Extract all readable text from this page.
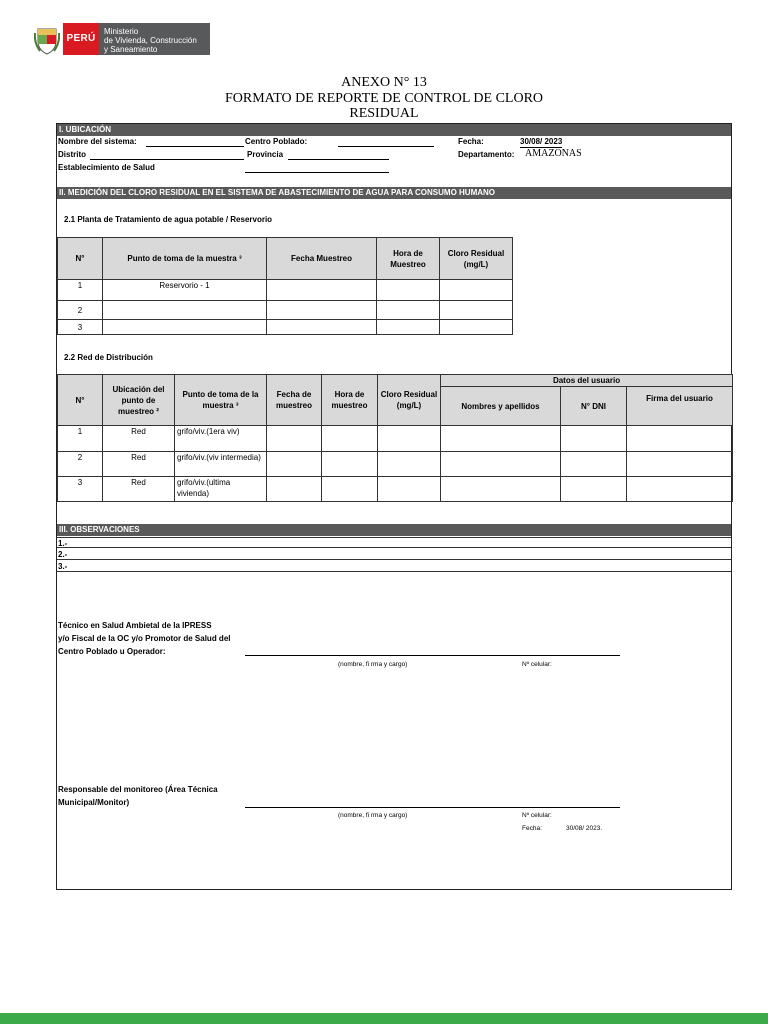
PERÚ
Ministerio
de Vivienda, Construcción
y Saneamiento
ANEXO N° 13
FORMATO DE REPORTE DE CONTROL DE CLORO
RESIDUAL
I. UBICACIÓN
Nombre del sistema:	Centro Poblado:	Fecha:	30/08/ 2023
Distrito	Provincia	Departamento: AMAZONAS
Establecimiento de Salud
II. MEDICIÓN DEL CLORO RESIDUAL EN EL SISTEMA DE ABASTECIMIENTO DE AGUA PARA CONSUMO HUMANO
2.1 Planta de Tratamiento de agua potable / Reservorio
N°	Punto de toma de la muestra ³	Fecha Muestreo	Hora de Muestreo	Cloro Residual (mg/L)
1	Reservorio - 1			
2				
3				
2.2 Red de Distribución
N°	Ubicación del punto de muestreo ²	Punto de toma de la muestra ³	Fecha de muestreo	Hora de muestreo	Cloro Residual (mg/L)	Datos del usuario		
						Nombres y apellidos	N° DNI	Firma del usuario
1	Red	grifo/viv.(1era viv)						
2	Red	grifo/viv.(viv intermedia)						
3	Red	grifo/viv.(ultima vivienda)						
III. OBSERVACIONES
1.-
2.-
3.-
Técnico en Salud Ambietal de la IPRESS
y/o Fiscal de la OC y/o Promotor de Salud del
Centro Poblado u Operador:
(nombre, fi rma y cargo)	Nº celular:
Responsable del monitoreo (Área Técnica
Municipal/Monitor)
(nombre, fi rma y cargo)	Nº celular:
Fecha:	30/08/ 2023.
